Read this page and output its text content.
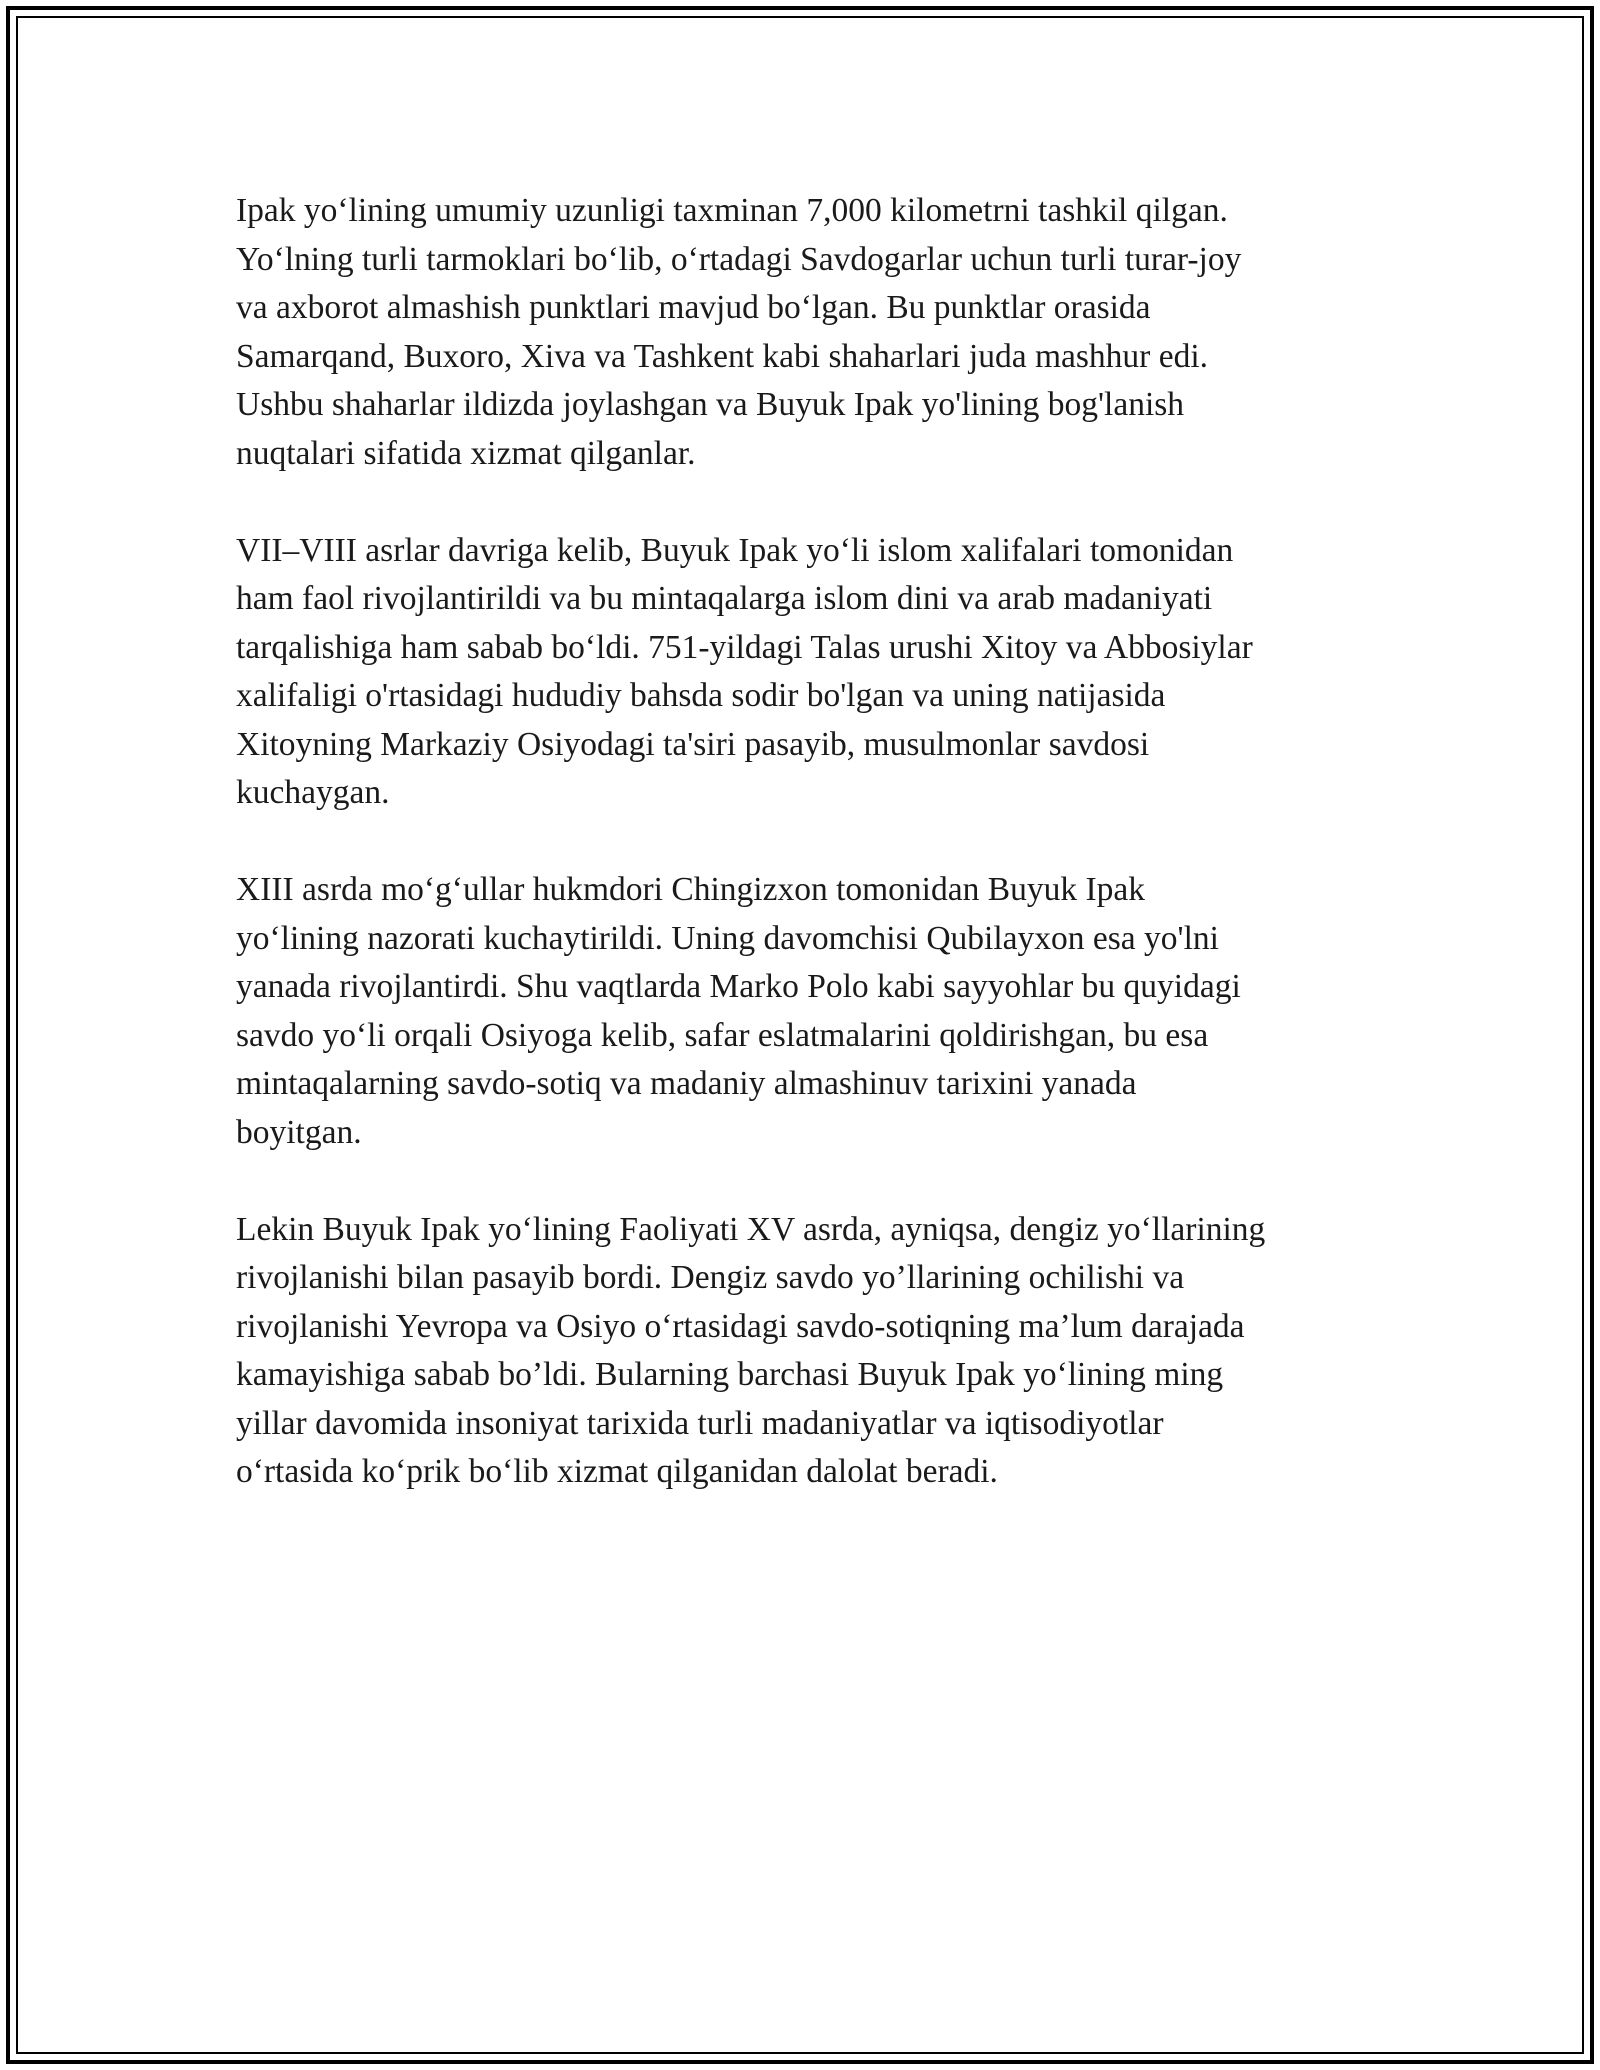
Ipak yo‘lining umumiy uzunligi taxminan 7,000 kilometrni tashkil qilgan.
Yo‘lning turli tarmoklari bo‘lib, o‘rtadagi Savdogarlar uchun turli turar-joy
va axborot almashish punktlari mavjud bo‘lgan. Bu punktlar orasida
Samarqand, Buxoro, Xiva va Tashkent kabi shaharlari juda mashhur edi.
Ushbu shaharlar ildizda joylashgan va Buyuk Ipak yo'lining bog'lanish
nuqtalari sifatida xizmat qilganlar.

VII–VIII asrlar davriga kelib, Buyuk Ipak yo‘li islom xalifalari tomonidan
ham faol rivojlantirildi va bu mintaqalarga islom dini va arab madaniyati
tarqalishiga ham sabab bo‘ldi. 751-yildagi Talas urushi Xitoy va Abbosiylar
xalifaligi o'rtasidagi hududiy bahsda sodir bo'lgan va uning natijasida
Xitoyning Markaziy Osiyodagi ta'siri pasayib, musulmonlar savdosi
kuchaygan.

XIII asrda mo‘g‘ullar hukmdori Chingizxon tomonidan Buyuk Ipak
yo‘lining nazorati kuchaytirildi. Uning davomchisi Qubilayxon esa yo'lni
yanada rivojlantirdi. Shu vaqtlarda Marko Polo kabi sayyohlar bu quyidagi
savdo yo‘li orqali Osiyoga kelib, safar eslatmalarini qoldirishgan, bu esa
mintaqalarning savdo-sotiq va madaniy almashinuv tarixini yanada
boyitgan.

Lekin Buyuk Ipak yo‘lining Faoliyati XV asrda, ayniqsa, dengiz yo‘llarining
rivojlanishi bilan pasayib bordi. Dengiz savdo yo’llarining ochilishi va
rivojlanishi Yevropa va Osiyo o‘rtasidagi savdo-sotiqning ma’lum darajada
kamayishiga sabab bo’ldi. Bularning barchasi Buyuk Ipak yo‘lining ming
yillar davomida insoniyat tarixida turli madaniyatlar va iqtisodiyotlar
o‘rtasida ko‘prik bo‘lib xizmat qilganidan dalolat beradi.
